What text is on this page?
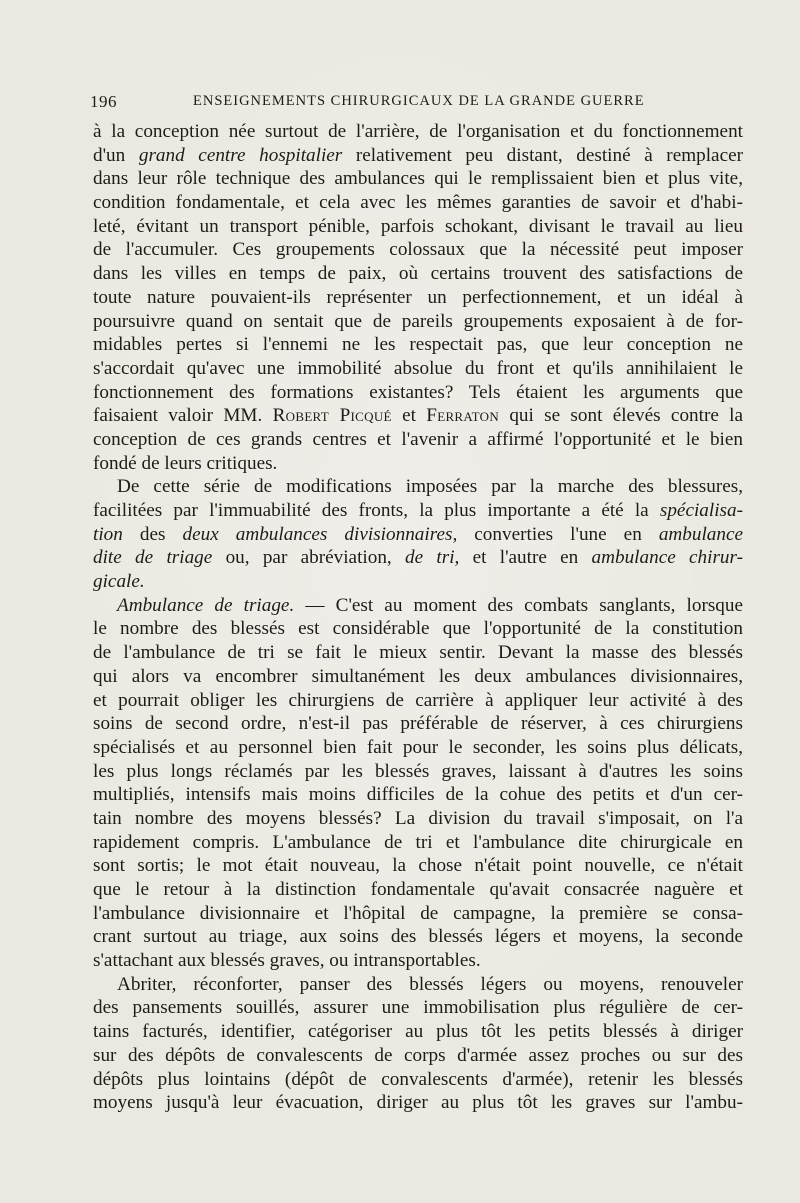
196	ENSEIGNEMENTS CHIRURGICAUX DE LA GRANDE GUERRE
à la conception née surtout de l'arrière, de l'organisation et du fonctionnement
d'un grand centre hospitalier relativement peu distant, destiné à remplacer
dans leur rôle technique des ambulances qui le remplissaient bien et plus vite,
condition fondamentale, et cela avec les mêmes garanties de savoir et d'habi-
leté, évitant un transport pénible, parfois schokant, divisant le travail au lieu
de l'accumuler. Ces groupements colossaux que la nécessité peut imposer
dans les villes en temps de paix, où certains trouvent des satisfactions de
toute nature pouvaient-ils représenter un perfectionnement, et un idéal à
poursuivre quand on sentait que de pareils groupements exposaient à de for-
midables pertes si l'ennemi ne les respectait pas, que leur conception ne
s'accordait qu'avec une immobilité absolue du front et qu'ils annihilaient le
fonctionnement des formations existantes? Tels étaient les arguments que
faisaient valoir MM. Robert Picqué et Ferraton qui se sont élevés contre la
conception de ces grands centres et l'avenir a affirmé l'opportunité et le bien
fondé de leurs critiques.
De cette série de modifications imposées par la marche des blessures,
facilitées par l'immuabilité des fronts, la plus importante a été la spécialisa-
tion des deux ambulances divisionnaires, converties l'une en ambulance
dite de triage ou, par abréviation, de tri, et l'autre en ambulance chirur-
gicale.
Ambulance de triage. — C'est au moment des combats sanglants, lorsque
le nombre des blessés est considérable que l'opportunité de la constitution
de l'ambulance de tri se fait le mieux sentir. Devant la masse des blessés
qui alors va encombrer simultanément les deux ambulances divisionnaires,
et pourrait obliger les chirurgiens de carrière à appliquer leur activité à des
soins de second ordre, n'est-il pas préférable de réserver, à ces chirurgiens
spécialisés et au personnel bien fait pour le seconder, les soins plus délicats,
les plus longs réclamés par les blessés graves, laissant à d'autres les soins
multipliés, intensifs mais moins difficiles de la cohue des petits et d'un cer-
tain nombre des moyens blessés? La division du travail s'imposait, on l'a
rapidement compris. L'ambulance de tri et l'ambulance dite chirurgicale en
sont sortis; le mot était nouveau, la chose n'était point nouvelle, ce n'était
que le retour à la distinction fondamentale qu'avait consacrée naguère et
l'ambulance divisionnaire et l'hôpital de campagne, la première se consa-
crant surtout au triage, aux soins des blessés légers et moyens, la seconde
s'attachant aux blessés graves, ou intransportables.
Abriter, réconforter, panser des blessés légers ou moyens, renouveler
des pansements souillés, assurer une immobilisation plus régulière de cer-
tains facturés, identifier, catégoriser au plus tôt les petits blessés à diriger
sur des dépôts de convalescents de corps d'armée assez proches ou sur des
dépôts plus lointains (dépôt de convalescents d'armée), retenir les blessés
moyens jusqu'à leur évacuation, diriger au plus tôt les graves sur l'ambu-
